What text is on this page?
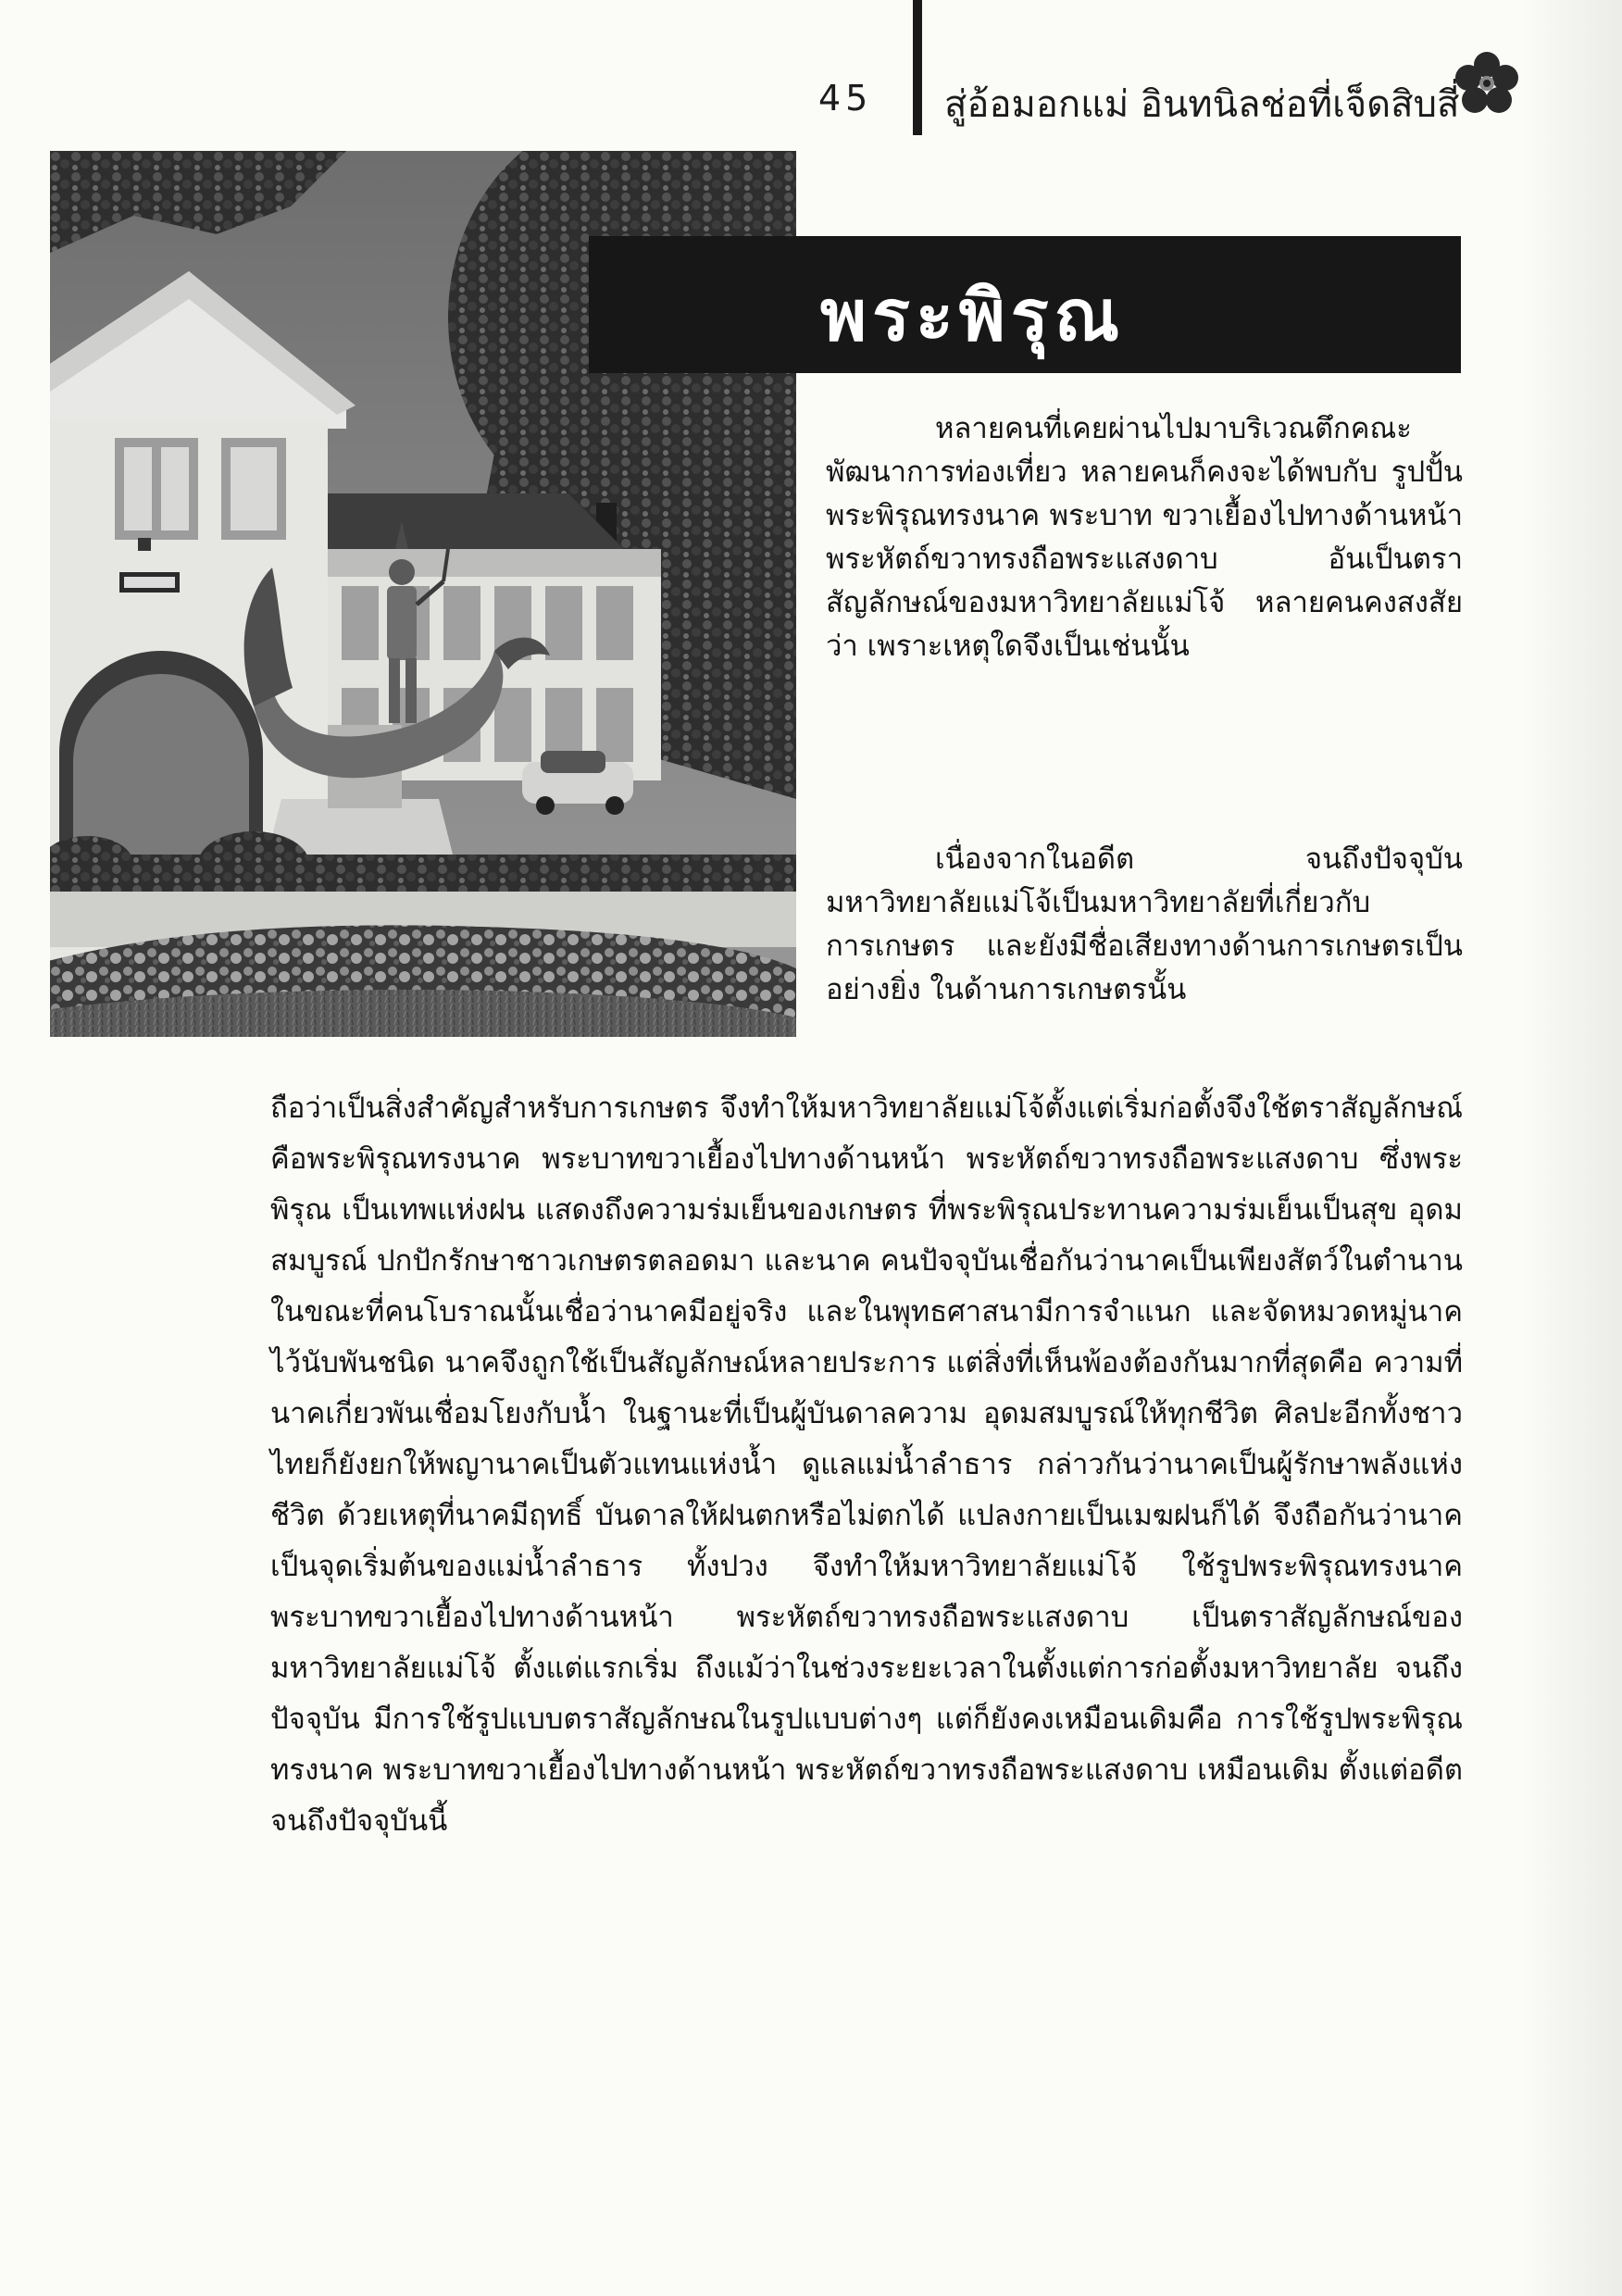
45	สู่อ้อมอกแม่ อินทนิลช่อที่เจ็ดสิบสี่
พระพิรุณ

หลายคนที่เคยผ่านไปมาบริเวณตึกคณะพัฒนาการท่องเที่ยว หลายคนก็คงจะได้พบกับ รูปปั้นพระพิรุณทรงนาค พระบาท ขวาเยื้องไปทางด้านหน้า พระหัตถ์ขวาทรงถือพระแสงดาบ อันเป็นตราสัญลักษณ์ของมหาวิทยาลัยแม่โจ้ หลายคนคงสงสัยว่า เพราะเหตุใดจึงเป็นเช่นนั้น

เนื่องจากในอดีต จนถึงปัจจุบัน มหาวิทยาลัยแม่โจ้เป็นมหาวิทยาลัยที่เกี่ยวกับการเกษตร และยังมีชื่อเสียงทางด้านการเกษตรเป็นอย่างยิ่ง ในด้านการเกษตรนั้น

ถือว่าเป็นสิ่งสำคัญสำหรับการเกษตร จึงทำให้มหาวิทยาลัยแม่โจ้ตั้งแต่เริ่มก่อตั้งจึงใช้ตราสัญลักษณ์ คือพระพิรุณทรงนาค พระบาทขวาเยื้องไปทางด้านหน้า พระหัตถ์ขวาทรงถือพระแสงดาบ ซึ่งพระพิรุณ เป็นเทพแห่งฝน แสดงถึงความร่มเย็นของเกษตร ที่พระพิรุณประทานความร่มเย็นเป็นสุข อุดมสมบูรณ์ ปกปักรักษาชาวเกษตรตลอดมา และนาค คนปัจจุบันเชื่อกันว่านาคเป็นเพียงสัตว์ในตำนาน ในขณะที่คนโบราณนั้นเชื่อว่านาคมีอยู่จริง และในพุทธศาสนามีการจำแนก และจัดหมวดหมู่นาคไว้นับพันชนิด นาคจึงถูกใช้เป็นสัญลักษณ์หลายประการ แต่สิ่งที่เห็นพ้องต้องกันมากที่สุดคือ ความที่นาคเกี่ยวพันเชื่อมโยงกับน้ำ ในฐานะที่เป็นผู้บันดาลความ อุดมสมบูรณ์ให้ทุกชีวิต ศิลปะอีกทั้งชาวไทยก็ยังยกให้พญานาคเป็นตัวแทนแห่งน้ำ ดูแลแม่น้ำลำธาร กล่าวกันว่านาคเป็นผู้รักษาพลังแห่งชีวิต ด้วยเหตุที่นาคมีฤทธิ์ บันดาลให้ฝนตกหรือไม่ตกได้ แปลงกายเป็นเมฆฝนก็ได้ จึงถือกันว่านาคเป็นจุดเริ่มต้นของแม่น้ำลำธาร ทั้งปวง จึงทำให้มหาวิทยาลัยแม่โจ้ ใช้รูปพระพิรุณทรงนาค พระบาทขวาเยื้องไปทางด้านหน้า พระหัตถ์ขวาทรงถือพระแสงดาบ เป็นตราสัญลักษณ์ของมหาวิทยาลัยแม่โจ้ ตั้งแต่แรกเริ่ม ถึงแม้ว่าในช่วงระยะเวลาในตั้งแต่การก่อตั้งมหาวิทยาลัย จนถึงปัจจุบัน มีการใช้รูปแบบตราสัญลักษณในรูปแบบต่างๆ แต่ก็ยังคงเหมือนเดิมคือ การใช้รูปพระพิรุณทรงนาค พระบาทขวาเยื้องไปทางด้านหน้า พระหัตถ์ขวาทรงถือพระแสงดาบ เหมือนเดิม ตั้งแต่อดีตจนถึงปัจจุบันนี้
